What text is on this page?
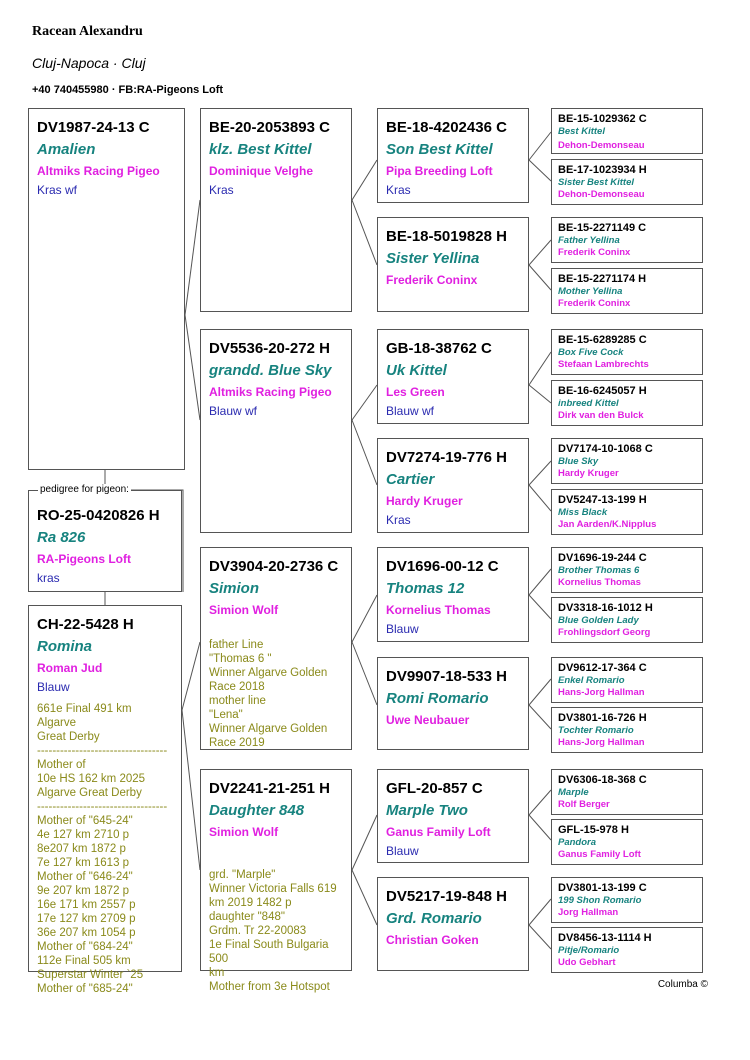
Racean Alexandru
Cluj-Napoca · Cluj
+40 740455980 · FB:RA-Pigeons Loft
DV1987-24-13 C
Amalien
Altmiks Racing Pigeo
Kras wf
RO-25-0420826 H
Ra 826
RA-Pigeons Loft
kras
pedigree for pigeon:
CH-22-5428 H
Romina
Roman Jud
Blauw
661e Final 491 km Algarve
Great Derby
----------------------------------
Mother of
10e HS 162 km 2025
Algarve Great Derby
----------------------------------
Mother of "645-24"
4e 127 km 2710 p
8e207 km 1872 p
7e 127 km 1613 p
Mother of "646-24"
9e 207 km 1872 p
16e 171 km 2557 p
17e 127 km 2709 p
36e 207 km 1054 p
Mother of "684-24"
112e Final 505 km
Superstar Winter `25
Mother of "685-24"
BE-20-2053893 C
klz. Best Kittel
Dominique Velghe
Kras
DV5536-20-272 H
grandd. Blue Sky
Altmiks Racing Pigeo
Blauw wf
DV3904-20-2736 C
Simion
Simion Wolf
father Line
"Thomas 6 "
Winner Algarve Golden
Race 2018
mother line
"Lena"
Winner Algarve Golden
Race 2019
DV2241-21-251 H
Daughter 848
Simion Wolf
grd. "Marple"
Winner Victoria Falls 619
km 2019 1482 p
daughter "848"
Grdm. Tr 22-20083
1e Final South Bulgaria 500
km
Mother from 3e Hotspot
BE-18-4202436 C
Son Best Kittel
Pipa Breeding Loft
Kras
BE-18-5019828 H
Sister Yellina
Frederik Coninx
GB-18-38762 C
Uk Kittel
Les Green
Blauw wf
DV7274-19-776 H
Cartier
Hardy Kruger
Kras
DV1696-00-12 C
Thomas 12
Kornelius Thomas
Blauw
DV9907-18-533 H
Romi Romario
Uwe Neubauer
GFL-20-857 C
Marple Two
Ganus Family Loft
Blauw
DV5217-19-848 H
Grd. Romario
Christian Goken
BE-15-1029362 C
Best Kittel
Dehon-Demonseau
BE-17-1023934 H
Sister Best Kittel
Dehon-Demonseau
BE-15-2271149 C
Father Yellina
Frederik Coninx
BE-15-2271174 H
Mother Yellina
Frederik Coninx
BE-15-6289285 C
Box Five Cock
Stefaan Lambrechts
BE-16-6245057 H
inbreed Kittel
Dirk van den Bulck
DV7174-10-1068 C
Blue Sky
Hardy Kruger
DV5247-13-199 H
Miss Black
Jan Aarden/K.Nipplus
DV1696-19-244 C
Brother Thomas 6
Kornelius Thomas
DV3318-16-1012 H
Blue Golden Lady
Frohlingsdorf Georg
DV9612-17-364 C
Enkel Romario
Hans-Jorg Hallman
DV3801-16-726 H
Tochter Romario
Hans-Jorg Hallman
DV6306-18-368 C
Marple
Rolf Berger
GFL-15-978 H
Pandora
Ganus Family Loft
DV3801-13-199 C
199 Shon Romario
Jorg Hallman
DV8456-13-1114 H
Pitje/Romario
Udo Gebhart
Columba ©
